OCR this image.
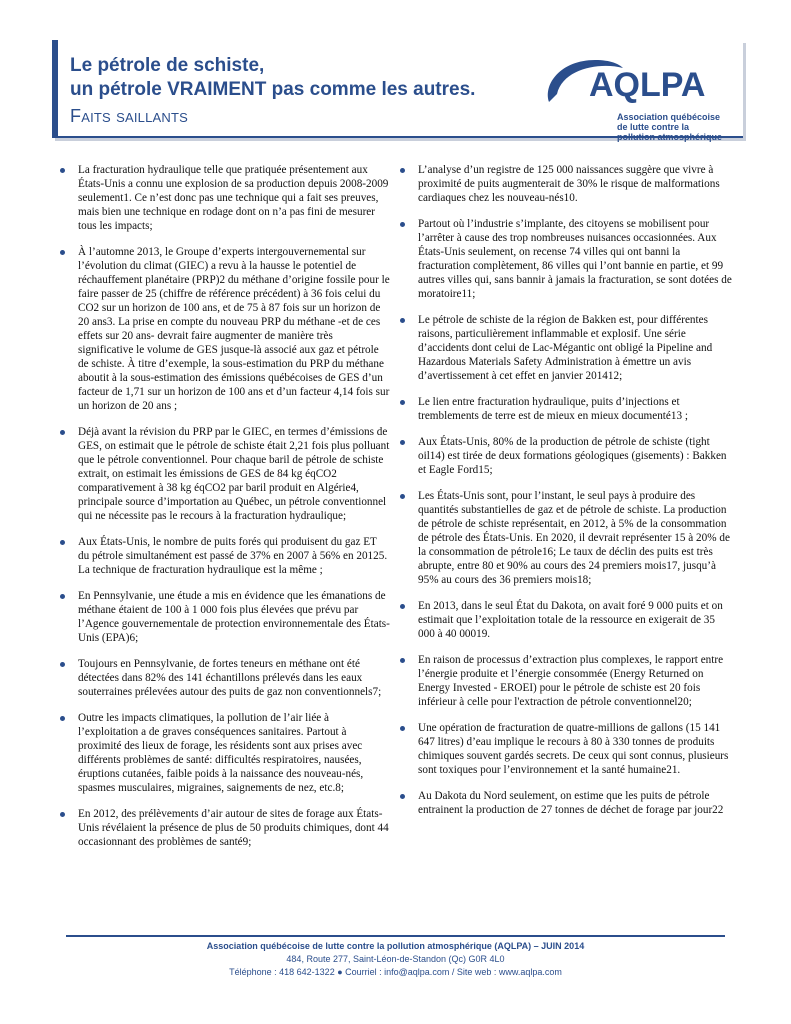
Le pétrole de schiste,
un pétrole VRAIMENT pas comme les autres.
Faits saillants
AQLPA
Association québécoise
de lutte contre la
pollution atmosphérique

La fracturation hydraulique telle que pratiquée présentement aux États-Unis a connu une explosion de sa production depuis 2008-2009 seulement1. Ce n’est donc pas une technique qui a fait ses preuves, mais bien une technique en rodage dont on n’a pas fini de mesurer tous les impacts;

À l’automne 2013, le Groupe d’experts intergouvernemental sur l’évolution du climat (GIEC) a revu à la hausse le potentiel de réchauffement planétaire (PRP)2 du méthane d’origine fossile pour le faire passer de 25 (chiffre de référence précédent) à 36 fois celui du CO2 sur un horizon de 100 ans, et de 75 à 87 fois sur un horizon de 20 ans3. La prise en compte du nouveau PRP du méthane -et de ces effets sur 20 ans- devrait faire augmenter de manière très significative le volume de GES jusque-là associé aux gaz et pétrole de schiste. À titre d’exemple, la sous-estimation du PRP du méthane aboutit à la sous-estimation des émissions québécoises de GES d’un facteur de 1,71 sur un horizon de 100 ans et d’un facteur 4,14 fois sur un horizon de 20 ans ;

Déjà avant la révision du PRP par le GIEC, en termes d’émissions de GES, on estimait que le pétrole de schiste était 2,21 fois plus polluant que le pétrole conventionnel. Pour chaque baril de pétrole de schiste extrait, on estimait les émissions de GES de 84 kg éqCO2 comparativement à 38 kg éqCO2 par baril produit en Algérie4, principale source d’importation au Québec, un pétrole conventionnel qui ne nécessite pas le recours à la fracturation hydraulique;

Aux États-Unis, le nombre de puits forés qui produisent du gaz ET du pétrole simultanément est passé de 37% en 2007 à 56% en 20125. La technique de fracturation hydraulique est la même ;

En Pennsylvanie, une étude a mis en évidence que les émanations de méthane étaient de 100 à 1 000 fois plus élevées que prévu par l’Agence gouvernementale de protection environnementale des États-Unis (EPA)6;

Toujours en Pennsylvanie, de fortes teneurs en méthane ont été détectées dans 82% des 141 échantillons prélevés dans les eaux souterraines prélevées autour des puits de gaz non conventionnels7;

Outre les impacts climatiques, la pollution de l’air liée à l’exploitation a de graves conséquences sanitaires. Partout à proximité des lieux de forage, les résidents sont aux prises avec différents problèmes de santé: difficultés respiratoires, nausées, éruptions cutanées, faible poids à la naissance des nouveau-nés, spasmes musculaires, migraines, saignements de nez, etc.8;

En 2012, des prélèvements d’air autour de sites de forage aux États-Unis révélaient la présence de plus de 50 produits chimiques, dont 44 occasionnant des problèmes de santé9;

L’analyse d’un registre de 125 000 naissances suggère que vivre à proximité de puits augmenterait de 30% le risque de malformations cardiaques chez les nouveau-nés10.

Partout où l’industrie s’implante, des citoyens se mobilisent pour l’arrêter à cause des trop nombreuses nuisances occasionnées. Aux États-Unis seulement, on recense 74 villes qui ont banni la fracturation complètement, 86 villes qui l’ont bannie en partie, et 99 autres villes qui, sans bannir à jamais la fracturation, se sont dotées de moratoire11;

Le pétrole de schiste de la région de Bakken est, pour différentes raisons, particulièrement inflammable et explosif. Une série d’accidents dont celui de Lac-Mégantic ont obligé la Pipeline and Hazardous Materials Safety Administration à émettre un avis d’avertissement à cet effet en janvier 201412;

Le lien entre fracturation hydraulique, puits d’injections et tremblements de terre est de mieux en mieux documenté13 ;

Aux États-Unis, 80% de la production de pétrole de schiste (tight oil14) est tirée de deux formations géologiques (gisements) : Bakken et Eagle Ford15;

Les États-Unis sont, pour l’instant, le seul pays à produire des quantités substantielles de gaz et de pétrole de schiste. La production de pétrole de schiste représentait, en 2012, à 5% de la consommation de pétrole des États-Unis. En 2020, il devrait représenter 15 à 20% de la consommation de pétrole16; Le taux de déclin des puits est très abrupte, entre 80 et 90% au cours des 24 premiers mois17, jusqu’à 95% au cours des 36 premiers mois18;

En 2013, dans le seul État du Dakota, on avait foré 9 000 puits et on estimait que l’exploitation totale de la ressource en exigerait de 35 000 à 40 00019.

En raison de processus d’extraction plus complexes, le rapport entre l’énergie produite et l’énergie consommée (Energy Returned on Energy Invested - EROEI) pour le pétrole de schiste est 20 fois inférieur à celle pour l'extraction de pétrole conventionnel20;

Une opération de fracturation de quatre-millions de gallons (15 141 647 litres) d’eau implique le recours à 80 à 330 tonnes de produits chimiques souvent gardés secrets. De ceux qui sont connus, plusieurs sont toxiques pour l’environnement et la santé humaine21.

Au Dakota du Nord seulement, on estime que les puits de pétrole entrainent la production de 27 tonnes de déchet de forage par jour22

Association québécoise de lutte contre la pollution atmosphérique (AQLPA) – JUIN 2014
484, Route 277, Saint-Léon-de-Standon (Qc) G0R 4L0
Téléphone : 418 642-1322 ● Courriel : info@aqlpa.com / Site web : www.aqlpa.com
